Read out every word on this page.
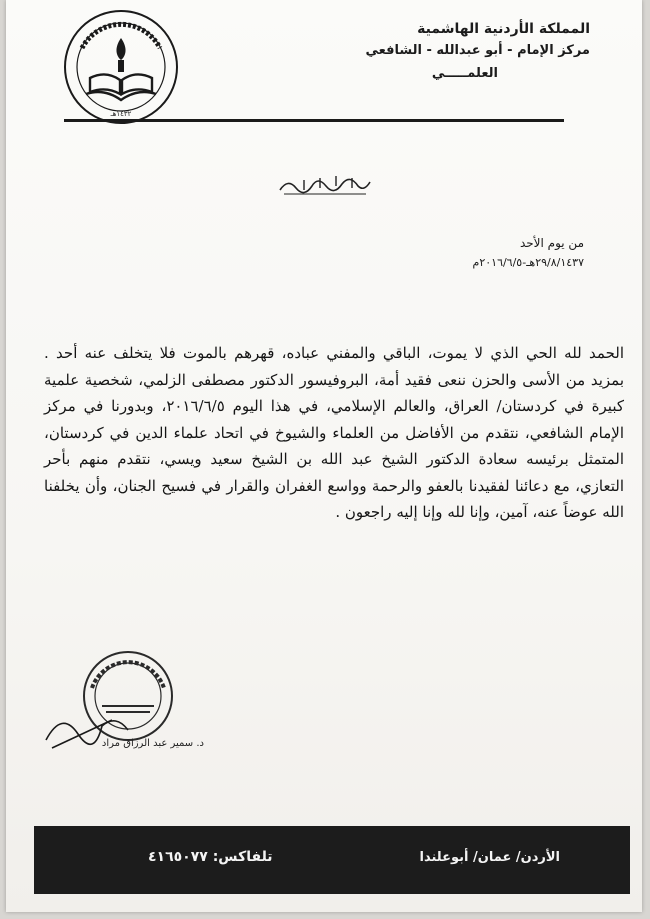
١٤٣٢هـ
المملكة الأردنية الهاشمية
مركز الإمام - أبو عبدالله - الشافعي
العلمـــــي
من يوم الأحد
٢٩/٨/١٤٣٧هـ-٢٠١٦/٦/٥م

الحمد لله الحي الذي لا يموت، الباقي والمفني عباده، قهرهم بالموت فلا يتخلف عنه أحد . بمزيد من الأسى والحزن ننعى فقيد أمة، البروفيسور الدكتور مصطفى الزلمي، شخصية علمية كبيرة في كردستان/ العراق، والعالم الإسلامي، في هذا اليوم ٢٠١٦/٦/٥، وبدورنا في مركز الإمام الشافعي، نتقدم من الأفاضل من العلماء والشيوخ في اتحاد علماء الدين في كردستان، المتمثل برئيسه سعادة الدكتور الشيخ عبد الله بن الشيخ سعيد ويسي، نتقدم منهم بأحر التعازي، مع دعائنا لفقيدنا بالعفو والرحمة وواسع الغفران والقرار في فسيح الجنان، وأن يخلفنا الله عوضاً عنه، آمين، وإنا لله وإنا إليه راجعون .

د. سمير عبد الرزاق مراد
الأردن/ عمان/ أبوعلندا
تلفاكس: ٤١٦٥٠٧٧
